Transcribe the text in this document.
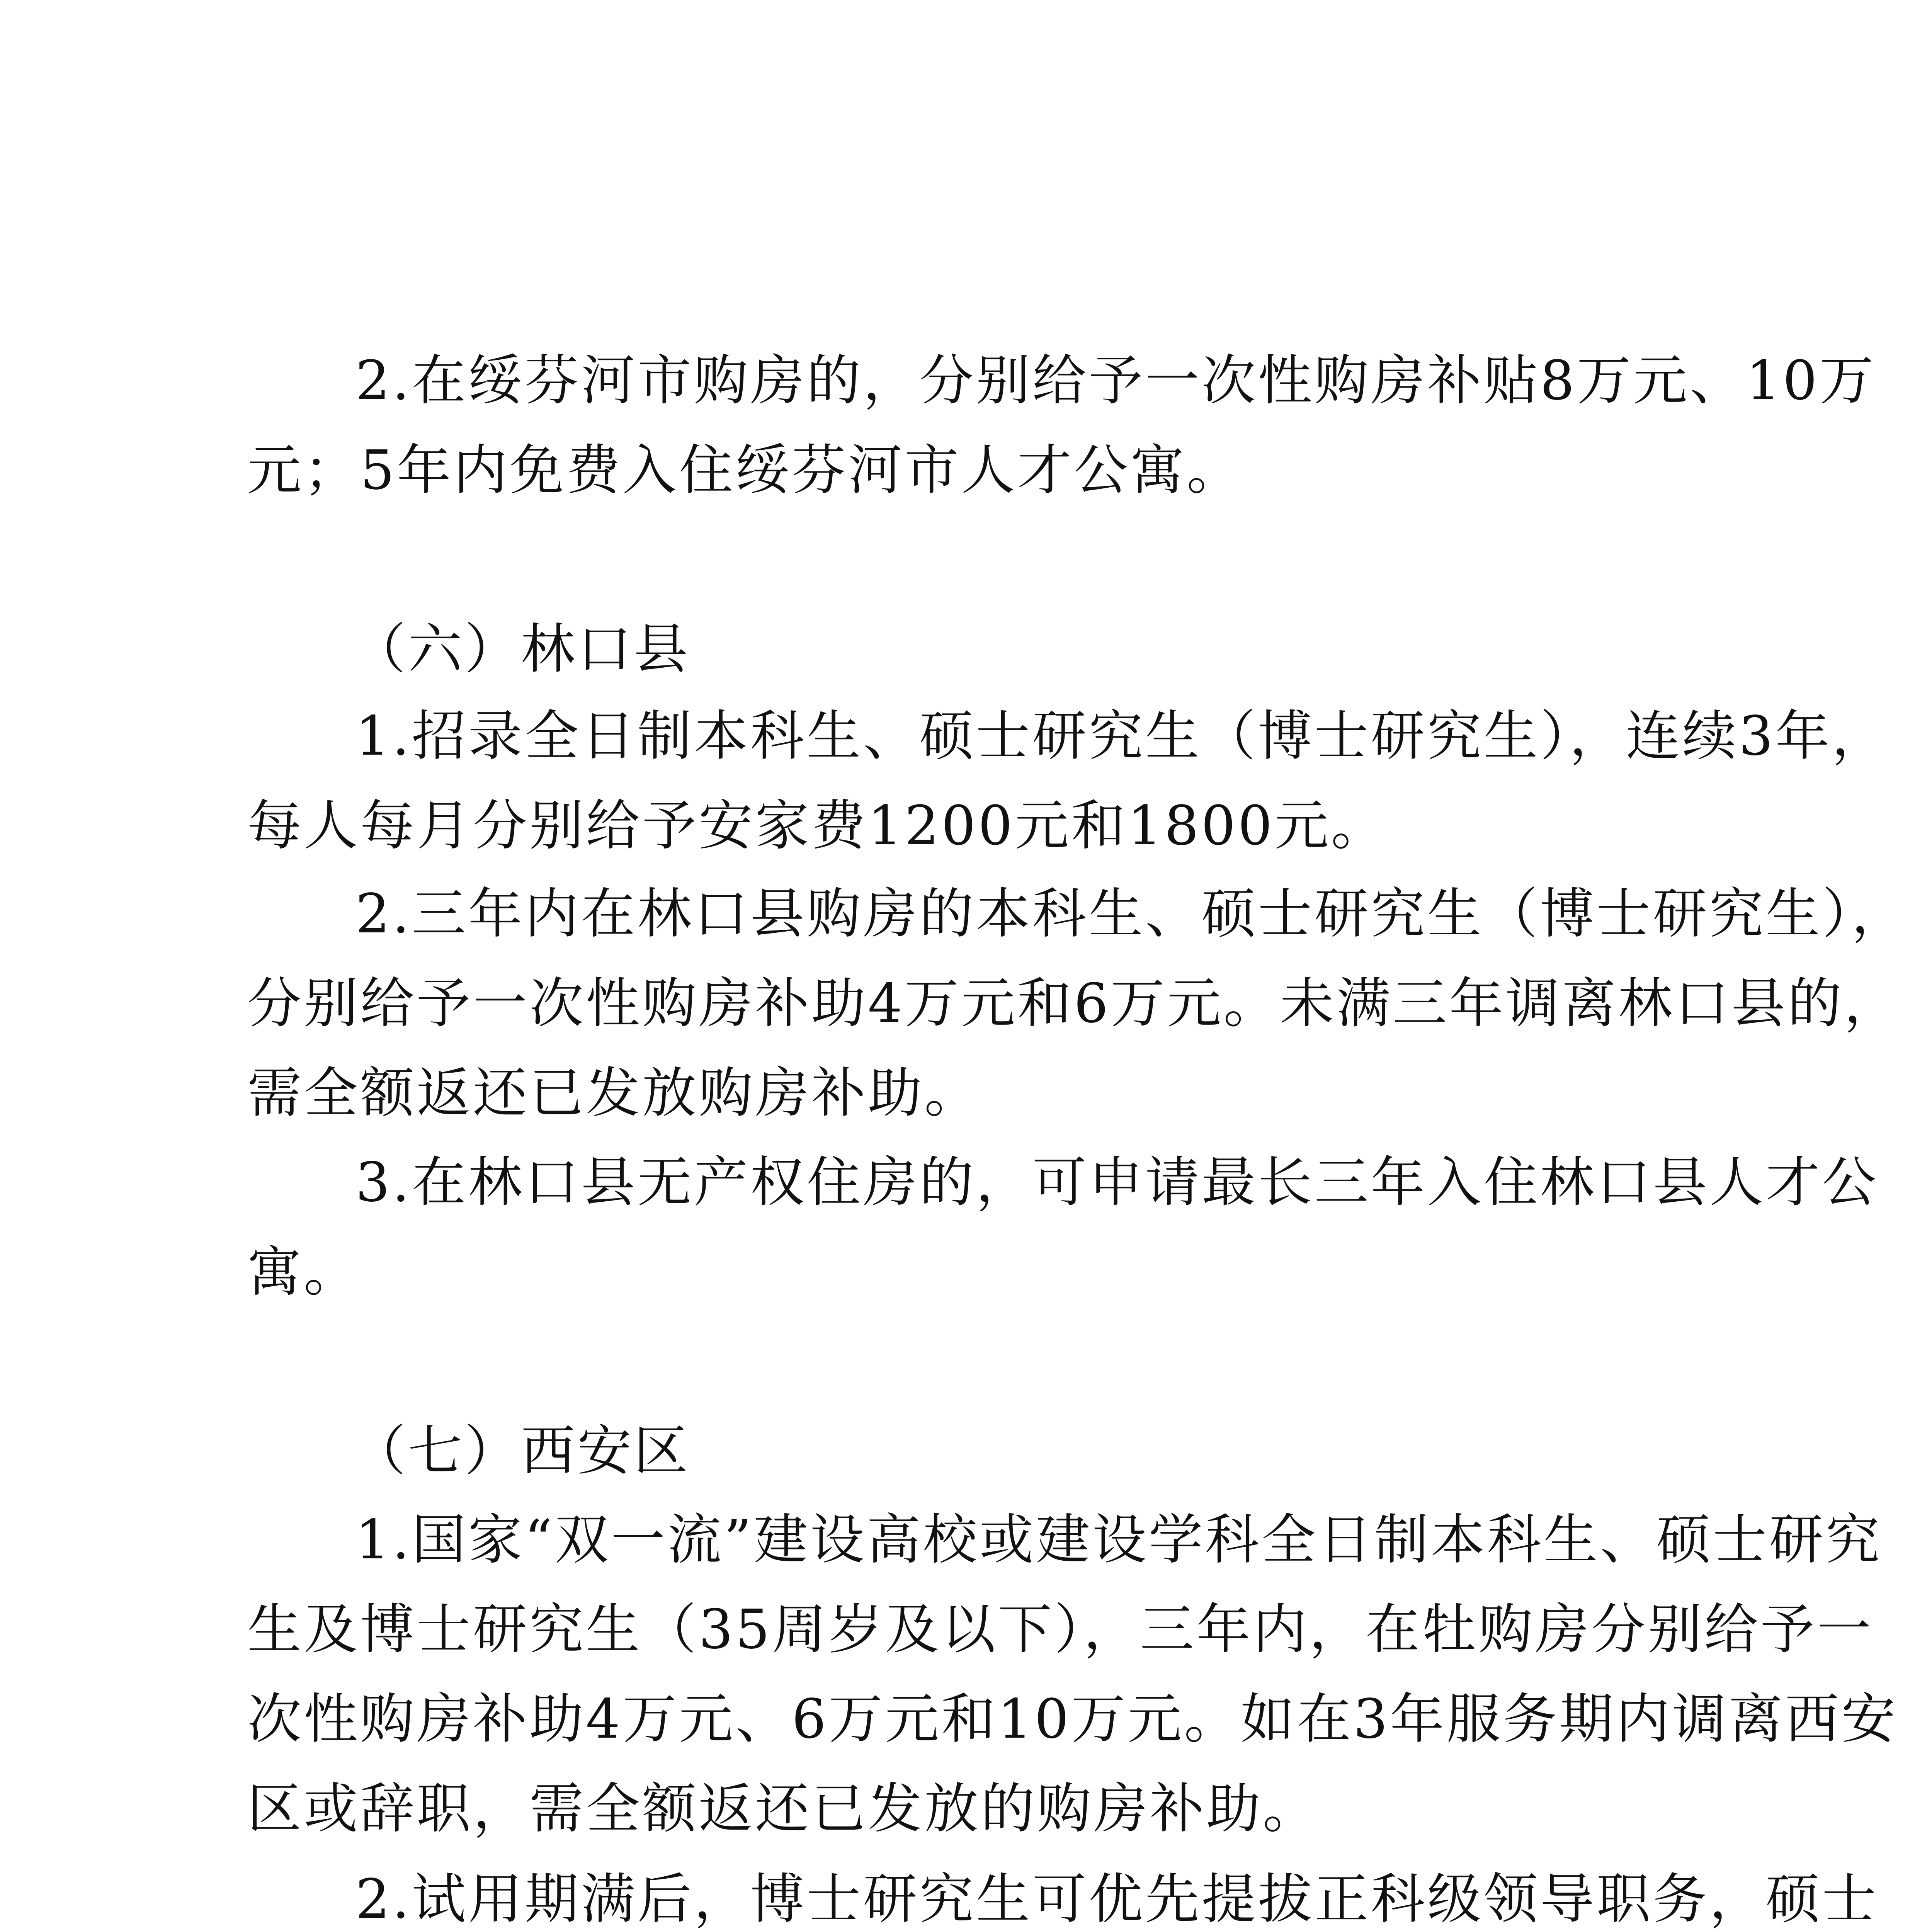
2.在绥芬河市购房的，分别给予一次性购房补贴8万元、10万
元；5年内免费入住绥芬河市人才公寓。

（六）林口县

1.招录全日制本科生、硕士研究生（博士研究生），连续3年，
每人每月分别给予安家费1200元和1800元。

2.三年内在林口县购房的本科生、硕士研究生（博士研究生），
分别给予一次性购房补助4万元和6万元。未满三年调离林口县的，
需全额返还已发放购房补助。

3.在林口县无产权住房的，可申请最长三年入住林口县人才公
寓。

（七）西安区

1.国家“双一流”建设高校或建设学科全日制本科生、硕士研究
生及博士研究生（35周岁及以下），三年内，在牡购房分别给予一
次性购房补助4万元、6万元和10万元。如在3年服务期内调离西安
区或辞职，需全额返还已发放的购房补助。

2.试用期满后，博士研究生可优先提拔正科级领导职务，硕士
